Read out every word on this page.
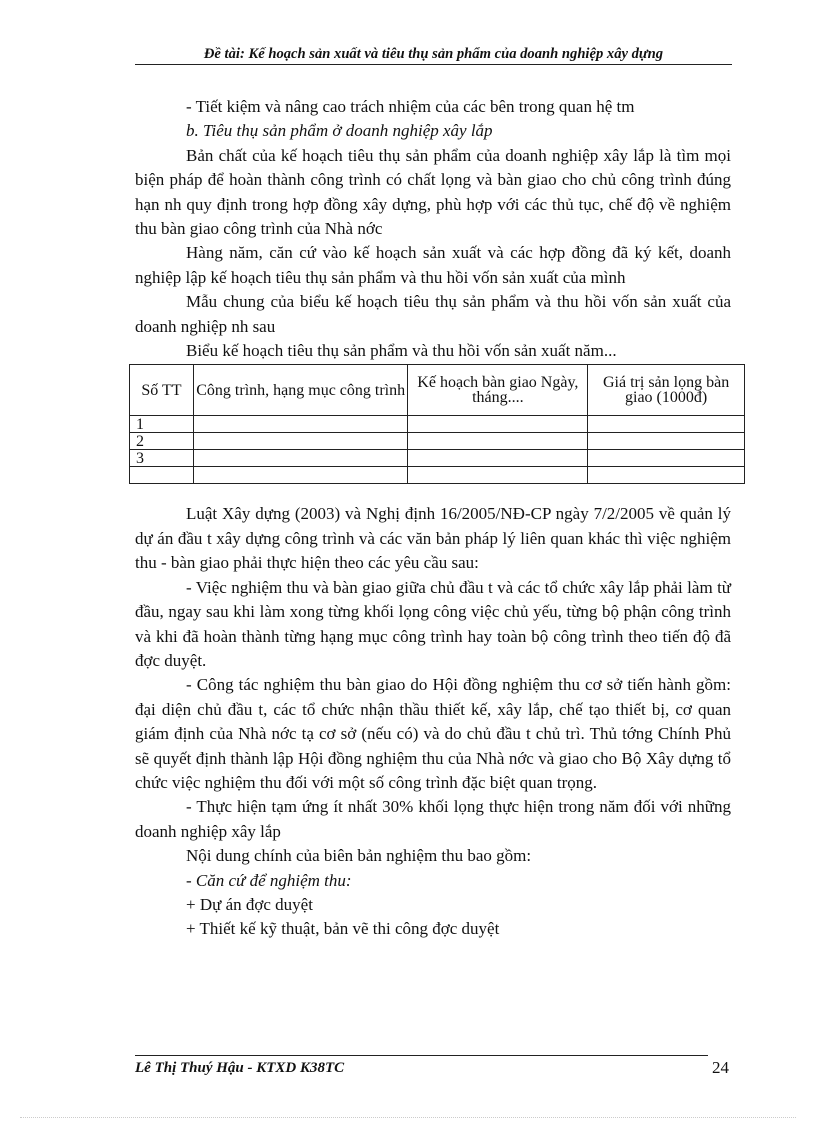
Đề tài: Kế hoạch sản xuất và tiêu thụ sản phẩm của doanh nghiệp xây dựng

- Tiết kiệm và nâng cao trách nhiệm của các bên trong quan hệ tm

b. Tiêu thụ sản phẩm ở doanh nghiệp xây lắp

Bản chất của kế hoạch tiêu thụ sản phẩm của doanh nghiệp xây lắp là tìm mọi biện pháp để hoàn thành công trình có chất lọng và bàn giao cho chủ công trình đúng hạn nh quy định trong hợp đồng xây dựng, phù hợp với các thủ tục, chế độ về nghiệm thu bàn giao công trình của Nhà nớc

Hàng năm, căn cứ vào kế hoạch sản xuất và các hợp đồng đã ký kết, doanh nghiệp lập kế hoạch tiêu thụ sản phẩm và thu hồi vốn sản xuất của mình

Mẫu chung của biểu kế hoạch tiêu thụ sản phẩm và thu hồi vốn sản xuất của doanh nghiệp nh sau

Biểu kế hoạch tiêu thụ sản phẩm và thu hồi vốn sản xuất năm...

Số TT	Công trình, hạng mục công trình	Kế hoạch bàn giao Ngày, tháng....	Giá trị sản lọng bàn giao (1000đ)
1			
2			
3			

Luật Xây dựng (2003) và Nghị định 16/2005/NĐ-CP ngày 7/2/2005 về quản lý dự án đầu t xây dựng công trình và các văn bản pháp lý liên quan khác thì việc nghiệm thu - bàn giao phải thực hiện theo các yêu cầu sau:

- Việc nghiệm thu và bàn giao giữa chủ đầu t và các tổ chức xây lắp phải làm từ đầu, ngay sau khi làm xong từng khối lọng công việc chủ yếu, từng bộ phận công trình và khi đã hoàn thành từng hạng mục công trình hay toàn bộ công trình theo tiến độ đã đợc duyệt.

- Công tác nghiệm thu bàn giao do Hội đồng nghiệm thu cơ sở tiến hành gồm: đại diện chủ đầu t, các tổ chức nhận thầu thiết kế, xây lắp, chế tạo thiết bị, cơ quan giám định của Nhà nớc tạ cơ sở (nếu có) và do chủ đầu t chủ trì. Thủ tớng Chính Phủ sẽ quyết định thành lập Hội đồng nghiệm thu của Nhà nớc và giao cho Bộ Xây dựng tổ chức việc nghiệm thu đối với một số công trình đặc biệt quan trọng.

- Thực hiện tạm ứng ít nhất 30% khối lọng thực hiện trong năm đối với những doanh nghiệp xây lắp

Nội dung chính của biên bản nghiệm thu bao gồm:

- Căn cứ để nghiệm thu:

+ Dự án đợc duyệt

+ Thiết kế kỹ thuật, bản vẽ thi công đợc duyệt

Lê Thị Thuý Hậu - KTXD K38TC	24
